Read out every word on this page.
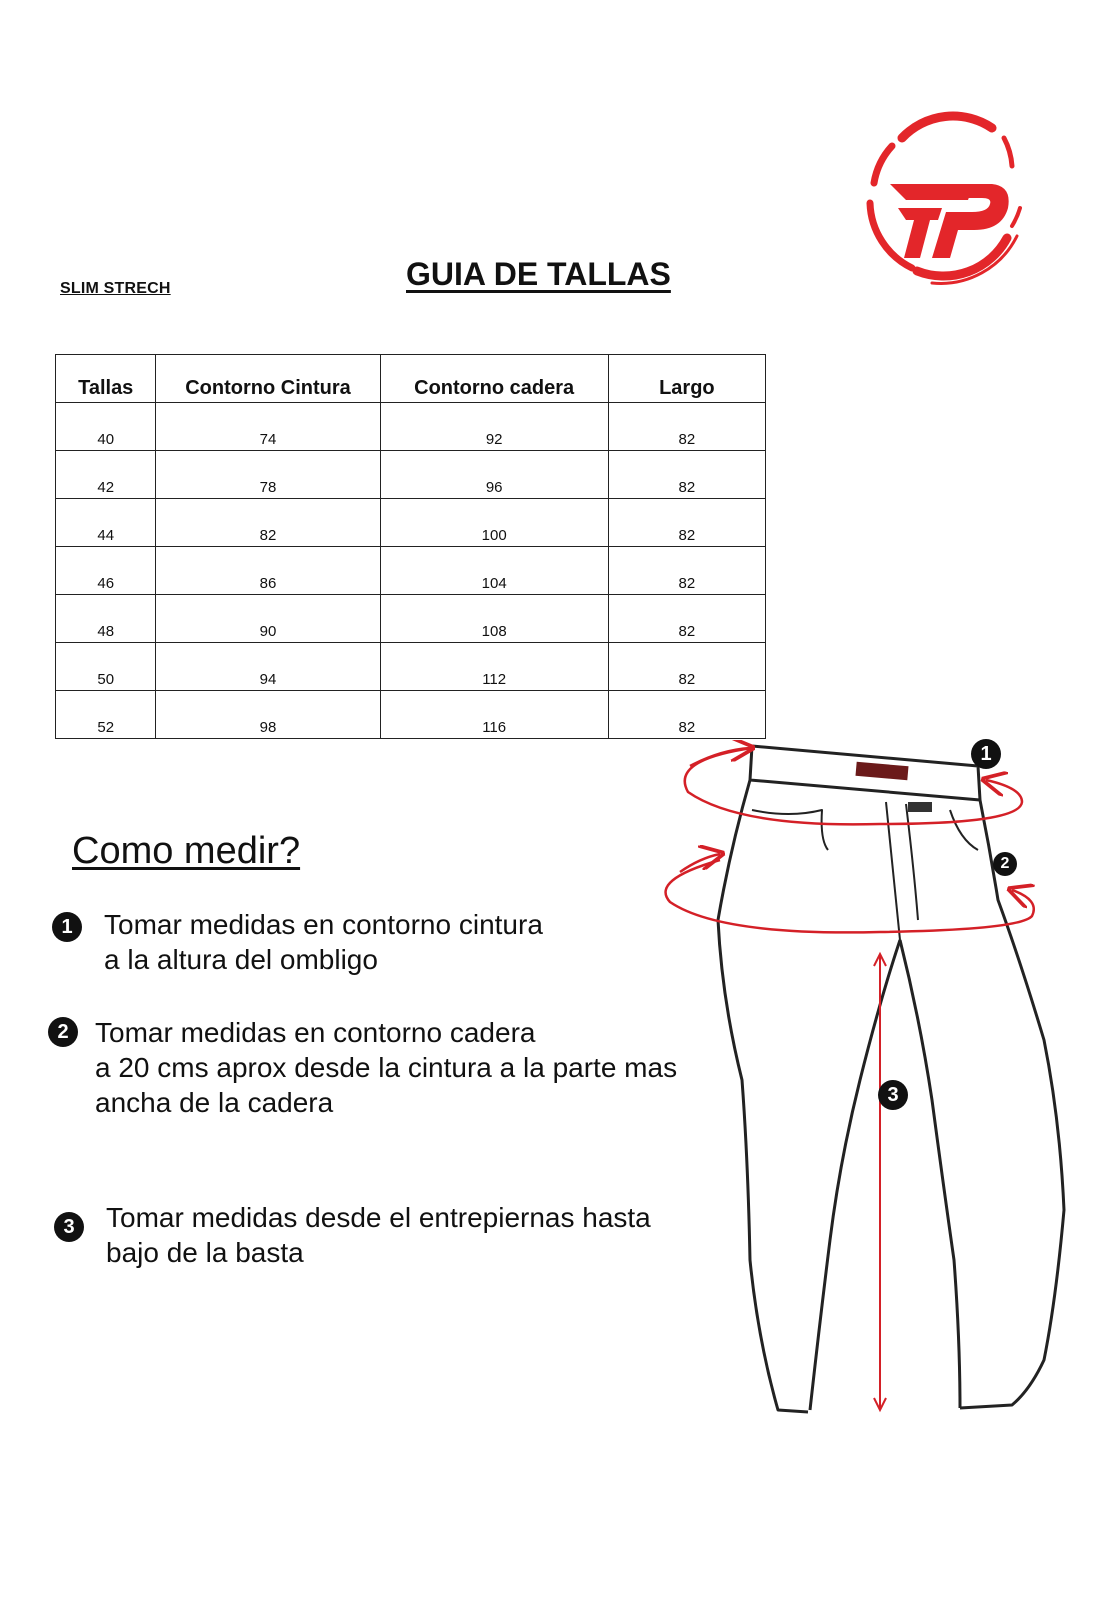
SLIM STRECH	GUIA DE TALLAS
Tallas	Contorno Cintura	Contorno cadera	Largo
40	74	92	82
42	78	96	82
44	82	100	82
46	86	104	82
48	90	108	82
50	94	112	82
52	98	116	82
Como medir?
1	Tomar medidas en contorno cintura
a la altura del ombligo
2 Tomar medidas en contorno cadera
a 20 cms aprox desde la cintura a la parte mas
ancha de la cadera
3	Tomar medidas desde el entrepiernas hasta
bajo de la basta
1
2
3
